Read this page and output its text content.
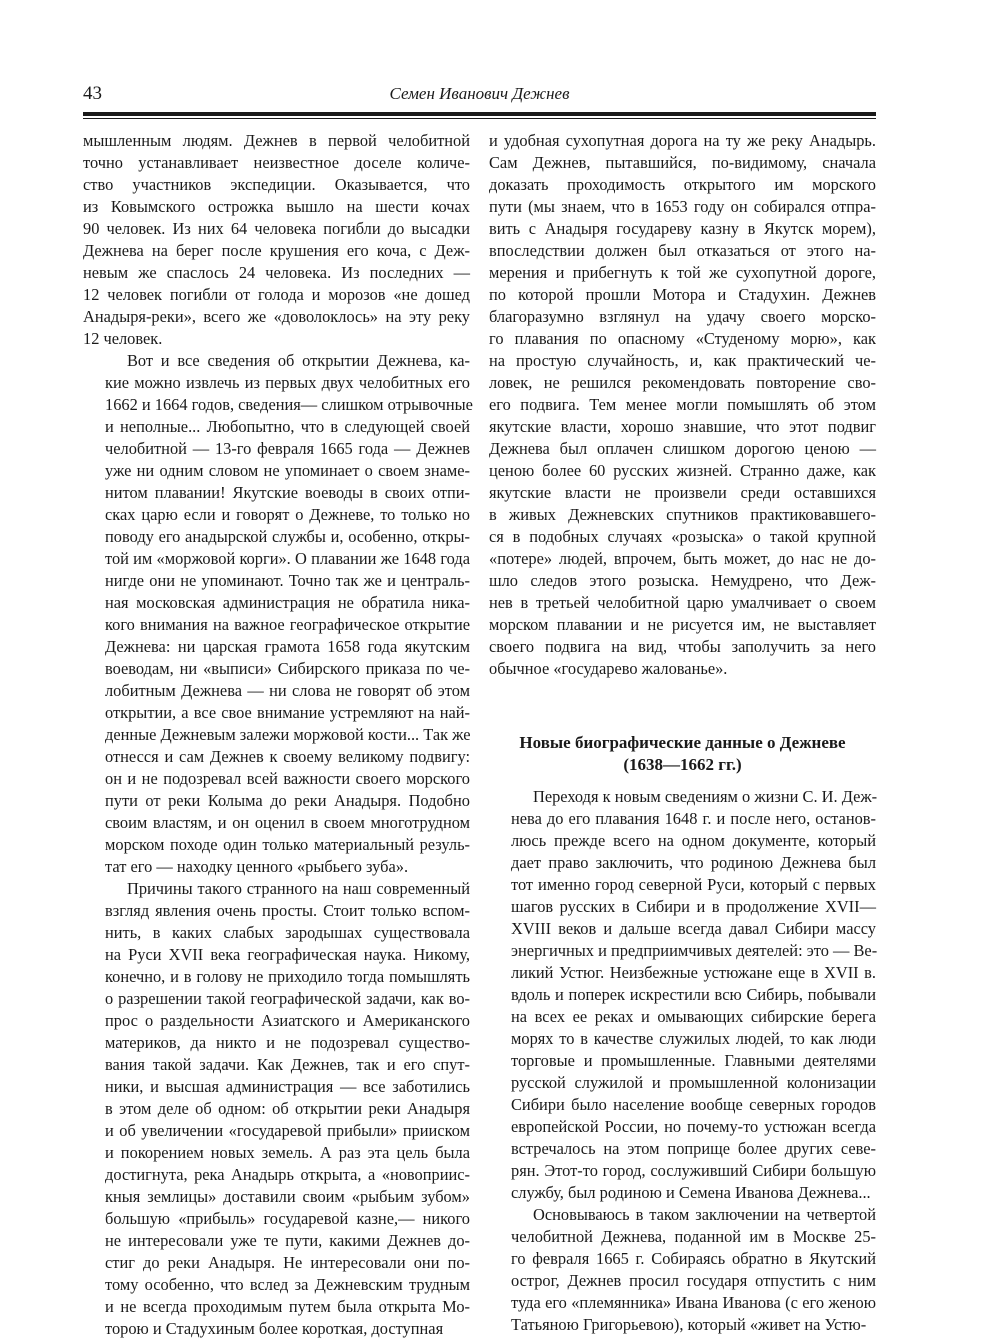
43	Семен Иванович Дежнев

мышленным людям. Дежнев в первой челобитной
точно устанавливает неизвестное доселе количе-
ство участников экспедиции. Оказывается, что
из Ковымского острожка вышло на шести кочах
90 человек. Из них 64 человека погибли до высадки
Дежнева на берег после крушения его коча, с Деж-
невым же спаслось 24 человека. Из последних —
12 человек погибли от голода и морозов «не дошед
Анадыря-реки», всего же «доволоклось» на эту реку
12 человек.

Вот и все сведения об открытии Дежнева, ка-
кие можно извлечь из первых двух челобитных его
1662 и 1664 годов, сведения— слишком отрывочные
и неполные... Любопытно, что в следующей своей
челобитной — 13-го февраля 1665 года — Дежнев
уже ни одним словом не упоминает о своем знаме-
нитом плавании! Якутские воеводы в своих отпи-
сках царю если и говорят о Дежневе, то только но
поводу его анадырской службы и, особенно, откры-
той им «моржовой корги». О плавании же 1648 года
нигде они не упоминают. Точно так же и централь-
ная московская администрация не обратила ника-
кого внимания на важное географическое открытие
Дежнева: ни царская грамота 1658 года якутским
воеводам, ни «выписи» Сибирского приказа по че-
лобитным Дежнева — ни слова не говорят об этом
открытии, а все свое внимание устремляют на най-
денные Дежневым залежи моржовой кости... Так же
отнесся и сам Дежнев к своему великому подвигу:
он и не подозревал всей важности своего морского
пути от реки Колыма до реки Анадыря. Подобно
своим властям, и он оценил в своем многотрудном
морском походе один только материальный резуль-
тат его — находку ценного «рыбьего зуба».

Причины такого странного на наш современный
взгляд явления очень просты. Стоит только вспом-
нить, в каких слабых зародышах существовала
на Руси XVII века географическая наука. Никому,
конечно, и в голову не приходило тогда помышлять
о разрешении такой географической задачи, как во-
прос о раздельности Азиатского и Американского
материков, да никто и не подозревал существо-
вания такой задачи. Как Дежнев, так и его спут-
ники, и высшая администрация — все заботились
в этом деле об одном: об открытии реки Анадыря
и об увеличении «государевой прибыли» прииском
и покорением новых земель. А раз эта цель была
достигнута, река Анадырь открыта, а «новоприис-
кныя землицы» доставили своим «рыбьим зубом»
большую «прибыль» государевой казне,— никого
не интересовали уже те пути, какими Дежнев до-
стиг до реки Анадыря. Не интересовали они по-
тому особенно, что вслед за Дежневским трудным
и не всегда проходимым путем была открыта Мо-
торою и Стадухиным более короткая, доступная

и удобная сухопутная дорога на ту же реку Анадырь.
Сам Дежнев, пытавшийся, по-видимому, сначала
доказать проходимость открытого им морского
пути (мы знаем, что в 1653 году он собирался отпра-
вить с Анадыря государеву казну в Якутск морем),
впоследствии должен был отказаться от этого на-
мерения и прибегнуть к той же сухопутной дороге,
по которой прошли Мотора и Стадухин. Дежнев
благоразумно взглянул на удачу своего морско-
го плавания по опасному «Студеному морю», как
на простую случайность, и, как практический че-
ловек, не решился рекомендовать повторение сво-
его подвига. Тем менее могли помышлять об этом
якутские власти, хорошо знавшие, что этот подвиг
Дежнева был оплачен слишком дорогою ценою —
ценою более 60 русских жизней. Странно даже, как
якутские власти не произвели среди оставшихся
в живых Дежневских спутников практиковавшего-
ся в подобных случаях «розыска» о такой крупной
«потере» людей, впрочем, быть может, до нас не до-
шло следов этого розыска. Немудрено, что Деж-
нев в третьей челобитной царю умалчивает о своем
морском плавании и не рисуется им, не выставляет
своего подвига на вид, чтобы заполучить за него
обычное «государево жалованье».

Новые биографические данные о Дежневе
(1638—1662 гг.)

Переходя к новым сведениям о жизни С. И. Деж-
нева до его плавания 1648 г. и после него, останов-
люсь прежде всего на одном документе, который
дает право заключить, что родиною Дежнева был
тот именно город северной Руси, который с первых
шагов русских в Сибири и в продолжение XVII—
XVIII веков и дальше всегда давал Сибири массу
энергичных и предприимчивых деятелей: это — Ве-
ликий Устюг. Неизбежные устюжане еще в XVII в.
вдоль и поперек искрестили всю Сибирь, побывали
на всех ее реках и омывающих сибирские берега
морях то в качестве служилых людей, то как люди
торговые и промышленные. Главными деятелями
русской служилой и промышленной колонизации
Сибири было население вообще северных городов
европейской России, но почему-то устюжан всегда
встречалось на этом поприще более других севе-
рян. Этот-то город, сослуживший Сибири большую
службу, был родиною и Семена Иванова Дежнева...

Основываюсь в таком заключении на четвертой
челобитной Дежнева, поданной им в Москве 25-
го февраля 1665 г. Собираясь обратно в Якутский
острог, Дежнев просил государя отпустить с ним
туда его «племянника» Ивана Иванова (с его женою
Татьяною Григорьевою), который «живет на Устю-
